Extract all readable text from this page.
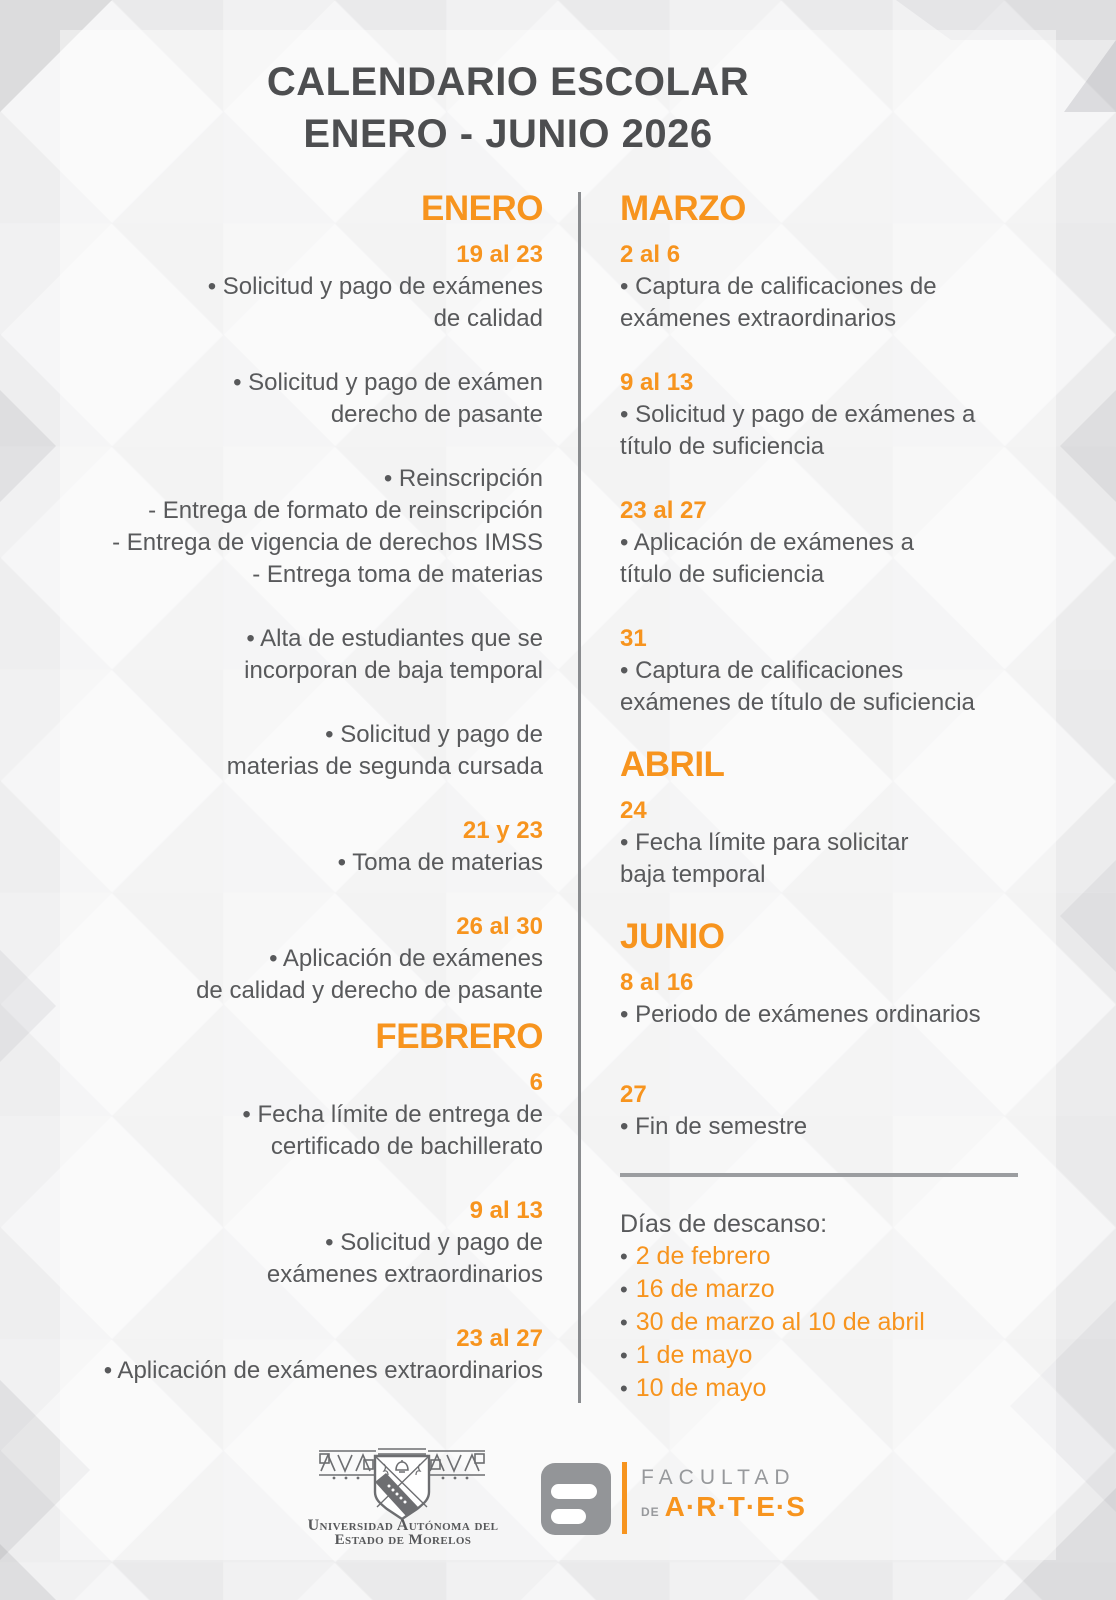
CALENDARIO ESCOLAR
ENERO - JUNIO 2026
ENERO
19 al 23
• Solicitud y pago de exámenes
de calidad
• Solicitud y pago de exámen
derecho de pasante
• Reinscripción
- Entrega de formato de reinscripción
- Entrega de vigencia de derechos IMSS
- Entrega toma de materias
• Alta de estudiantes que se
incorporan de baja temporal
• Solicitud y pago de
materias de segunda cursada
21 y 23
• Toma de materias
26 al 30
• Aplicación de exámenes
de calidad y derecho de pasante
FEBRERO
6
• Fecha límite de entrega de
certificado de bachillerato
9 al 13
• Solicitud y pago de
exámenes extraordinarios
23 al 27
• Aplicación de exámenes extraordinarios
MARZO
2 al 6
• Captura de calificaciones de
exámenes extraordinarios
9 al 13
• Solicitud y pago de exámenes a
título de suficiencia
23 al 27
• Aplicación de exámenes a
título de suficiencia
31
• Captura de calificaciones
exámenes de título de suficiencia
ABRIL
24
• Fecha límite para solicitar
baja temporal
JUNIO
8 al 16
• Periodo de exámenes ordinarios
27
• Fin de semestre
Días de descanso:
• 2 de febrero
• 16 de marzo
• 30 de marzo al 10 de abril
• 1 de mayo
• 10 de mayo
Universidad Autónoma del
Estado de Morelos
FACULTAD
DE A·R·T·E·S
